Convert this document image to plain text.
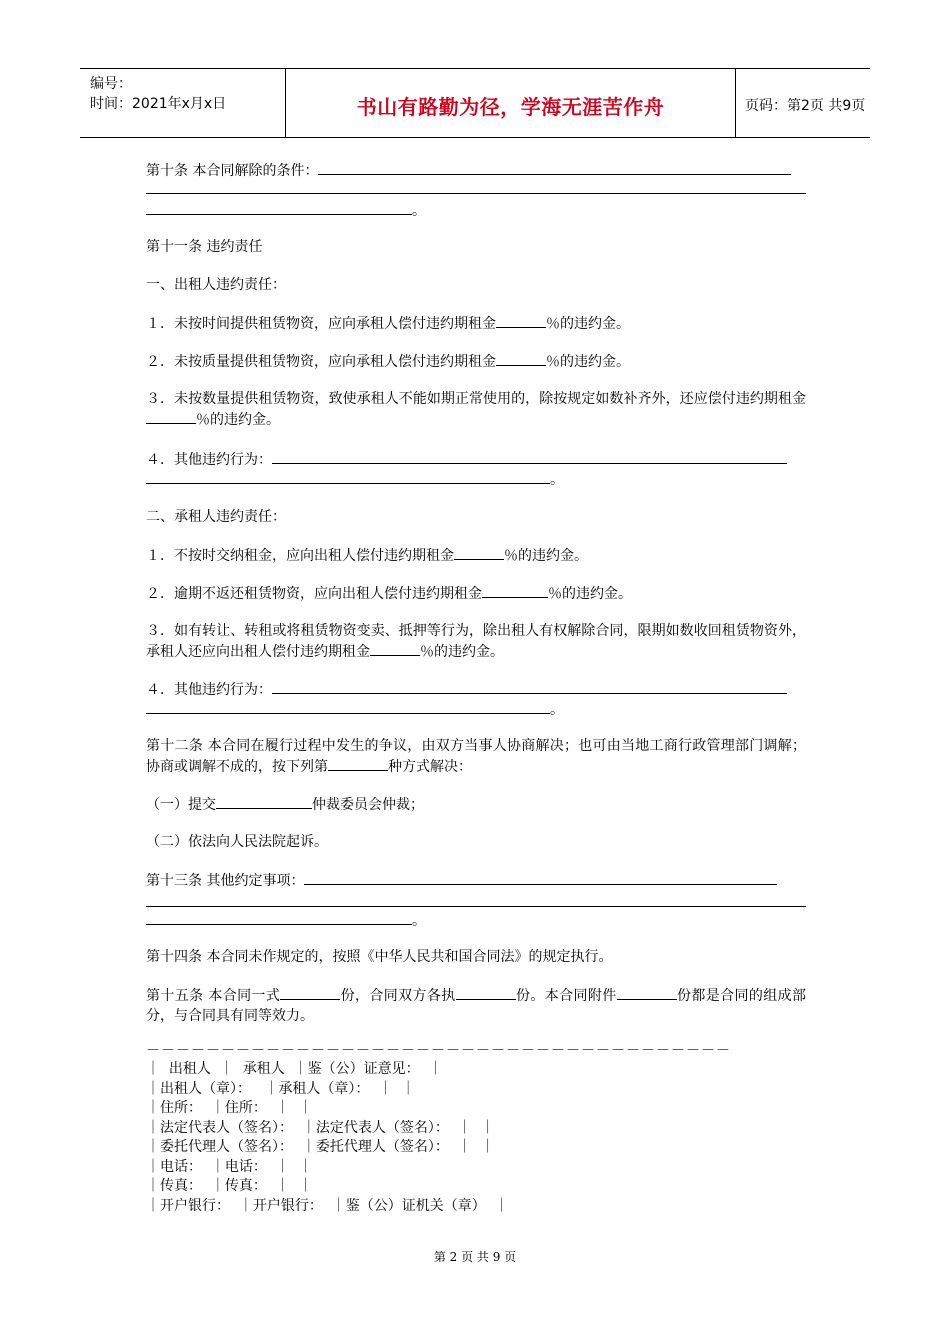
编号：
时间：2021年x月x日	书山有路勤为径，学海无涯苦作舟	页码：第2页 共9页
第十条 本合同解除的条件：
。
第十一条 违约责任
一、出租人违约责任：
１．未按时间提供租赁物资，应向承租人偿付违约期租金	％的违约金。
２．未按质量提供租赁物资，应向承租人偿付违约期租金	％的违约金。
３．未按数量提供租赁物资，致使承租人不能如期正常使用的，除按规定如数补齐外，还应偿付违约期租金％的违约金。
４．其他违约行为：
。
二、承租人违约责任：
１．不按时交纳租金，应向出租人偿付违约期租金	％的违约金。
２．逾期不返还租赁物资，应向出租人偿付违约期租金	％的违约金。
３．如有转让、转租或将租赁物资变卖、抵押等行为，除出租人有权解除合同，限期如数收回租赁物资外，承租人还应向出租人偿付违约期租金	％的违约金。
４．其他违约行为：
。
第十二条 本合同在履行过程中发生的争议，由双方当事人协商解决；也可由当地工商行政管理部门调解；协商或调解不成的，按下列第	种方式解决：
（一）提交	仲裁委员会仲裁；
（二）依法向人民法院起诉。
第十三条 其他约定事项：
。
第十四条 本合同未作规定的，按照《中华人民共和国合同法》的规定执行。
第十五条 本合同一式	份，合同双方各执	份。本合同附件	份都是合同的组成部分，与合同具有同等效力。
－－－－－－－－－－－－－－－－－－－－－－－－－－－－－－－－－－－－－－－
｜  出租人  ｜  承租人  ｜鉴（公）证意见：  ｜
｜出租人（章）：   ｜承租人（章）：  ｜  ｜
｜住所：  ｜住所：  ｜  ｜
｜法定代表人（签名）：  ｜法定代表人（签名）：  ｜  ｜
｜委托代理人（签名）：  ｜委托代理人（签名）：  ｜  ｜
｜电话：  ｜电话：  ｜  ｜
｜传真：  ｜传真：  ｜  ｜
｜开户银行：  ｜开户银行：  ｜鉴（公）证机关（章）  ｜
第 2 页 共 9 页
